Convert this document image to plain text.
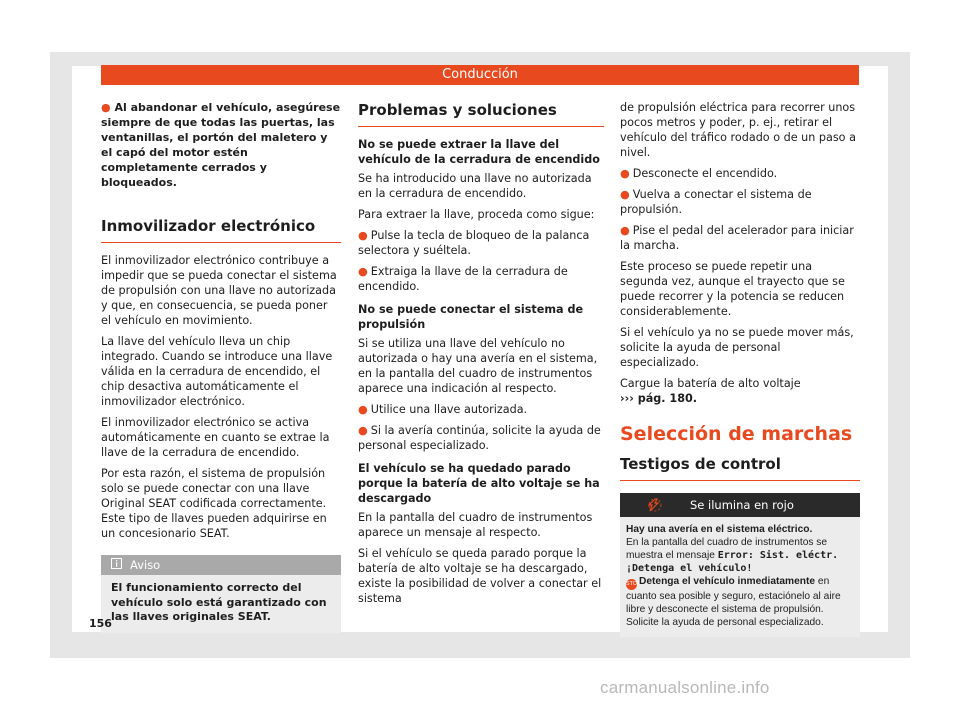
Conducción

● Al abandonar el vehículo, asegúrese siempre de que todas las puertas, las ventanillas, el portón del maletero y el capó del motor estén completamente cerrados y bloqueados.

Inmovilizador electrónico

El inmovilizador electrónico contribuye a impedir que se pueda conectar el sistema de propulsión con una llave no autorizada y que, en consecuencia, se pueda poner el vehículo en movimiento.

La llave del vehículo lleva un chip integrado. Cuando se introduce una llave válida en la cerradura de encendido, el chip desactiva automáticamente el inmovilizador electrónico.

El inmovilizador electrónico se activa automáticamente en cuanto se extrae la llave de la cerradura de encendido.

Por esta razón, el sistema de propulsión solo se puede conectar con una llave Original SEAT codificada correctamente. Este tipo de llaves pueden adquirirse en un concesionario SEAT.

Aviso
El funcionamiento correcto del vehículo solo está garantizado con las llaves originales SEAT.
Problemas y soluciones
No se puede extraer la llave del vehículo de la cerradura de encendido

Se ha introducido una llave no autorizada en la cerradura de encendido.

Para extraer la llave, proceda como sigue:

● Pulse la tecla de bloqueo de la palanca selectora y suéltela.
● Extraiga la llave de la cerradura de encendido.
No se puede conectar el sistema de propulsión

Si se utiliza una llave del vehículo no autorizada o hay una avería en el sistema, en la pantalla del cuadro de instrumentos aparece una indicación al respecto.

● Utilice una llave autorizada.
● Si la avería continúa, solicite la ayuda de personal especializado.
El vehículo se ha quedado parado porque la batería de alto voltaje se ha descargado

En la pantalla del cuadro de instrumentos aparece un mensaje al respecto.

Si el vehículo se queda parado porque la batería de alto voltaje se ha descargado, existe la posibilidad de volver a conectar el sistema

de propulsión eléctrica para recorrer unos pocos metros y poder, p. ej., retirar el vehículo del tráfico rodado o de un paso a nivel.

● Desconecte el encendido.
● Vuelva a conectar el sistema de propulsión.
● Pise el pedal del acelerador para iniciar la marcha.

Este proceso se puede repetir una segunda vez, aunque el trayecto que se puede recorrer y la potencia se reducen considerablemente.

Si el vehículo ya no se puede mover más, solicite la ayuda de personal especializado.

Cargue la batería de alto voltaje
››› pág. 180.

Selección de marchas
Testigos de control
Se ilumina en rojo
Hay una avería en el sistema eléctrico.
En la pantalla del cuadro de instrumentos se muestra el mensaje Error: Sist. eléctr. ¡Detenga el vehículo!
STOPDetenga el vehículo inmediatamente en cuanto sea posible y seguro, estaciónelo al aire libre y desconecte el sistema de propulsión. Solicite la ayuda de personal especializado.
156
carmanualsonline.info
